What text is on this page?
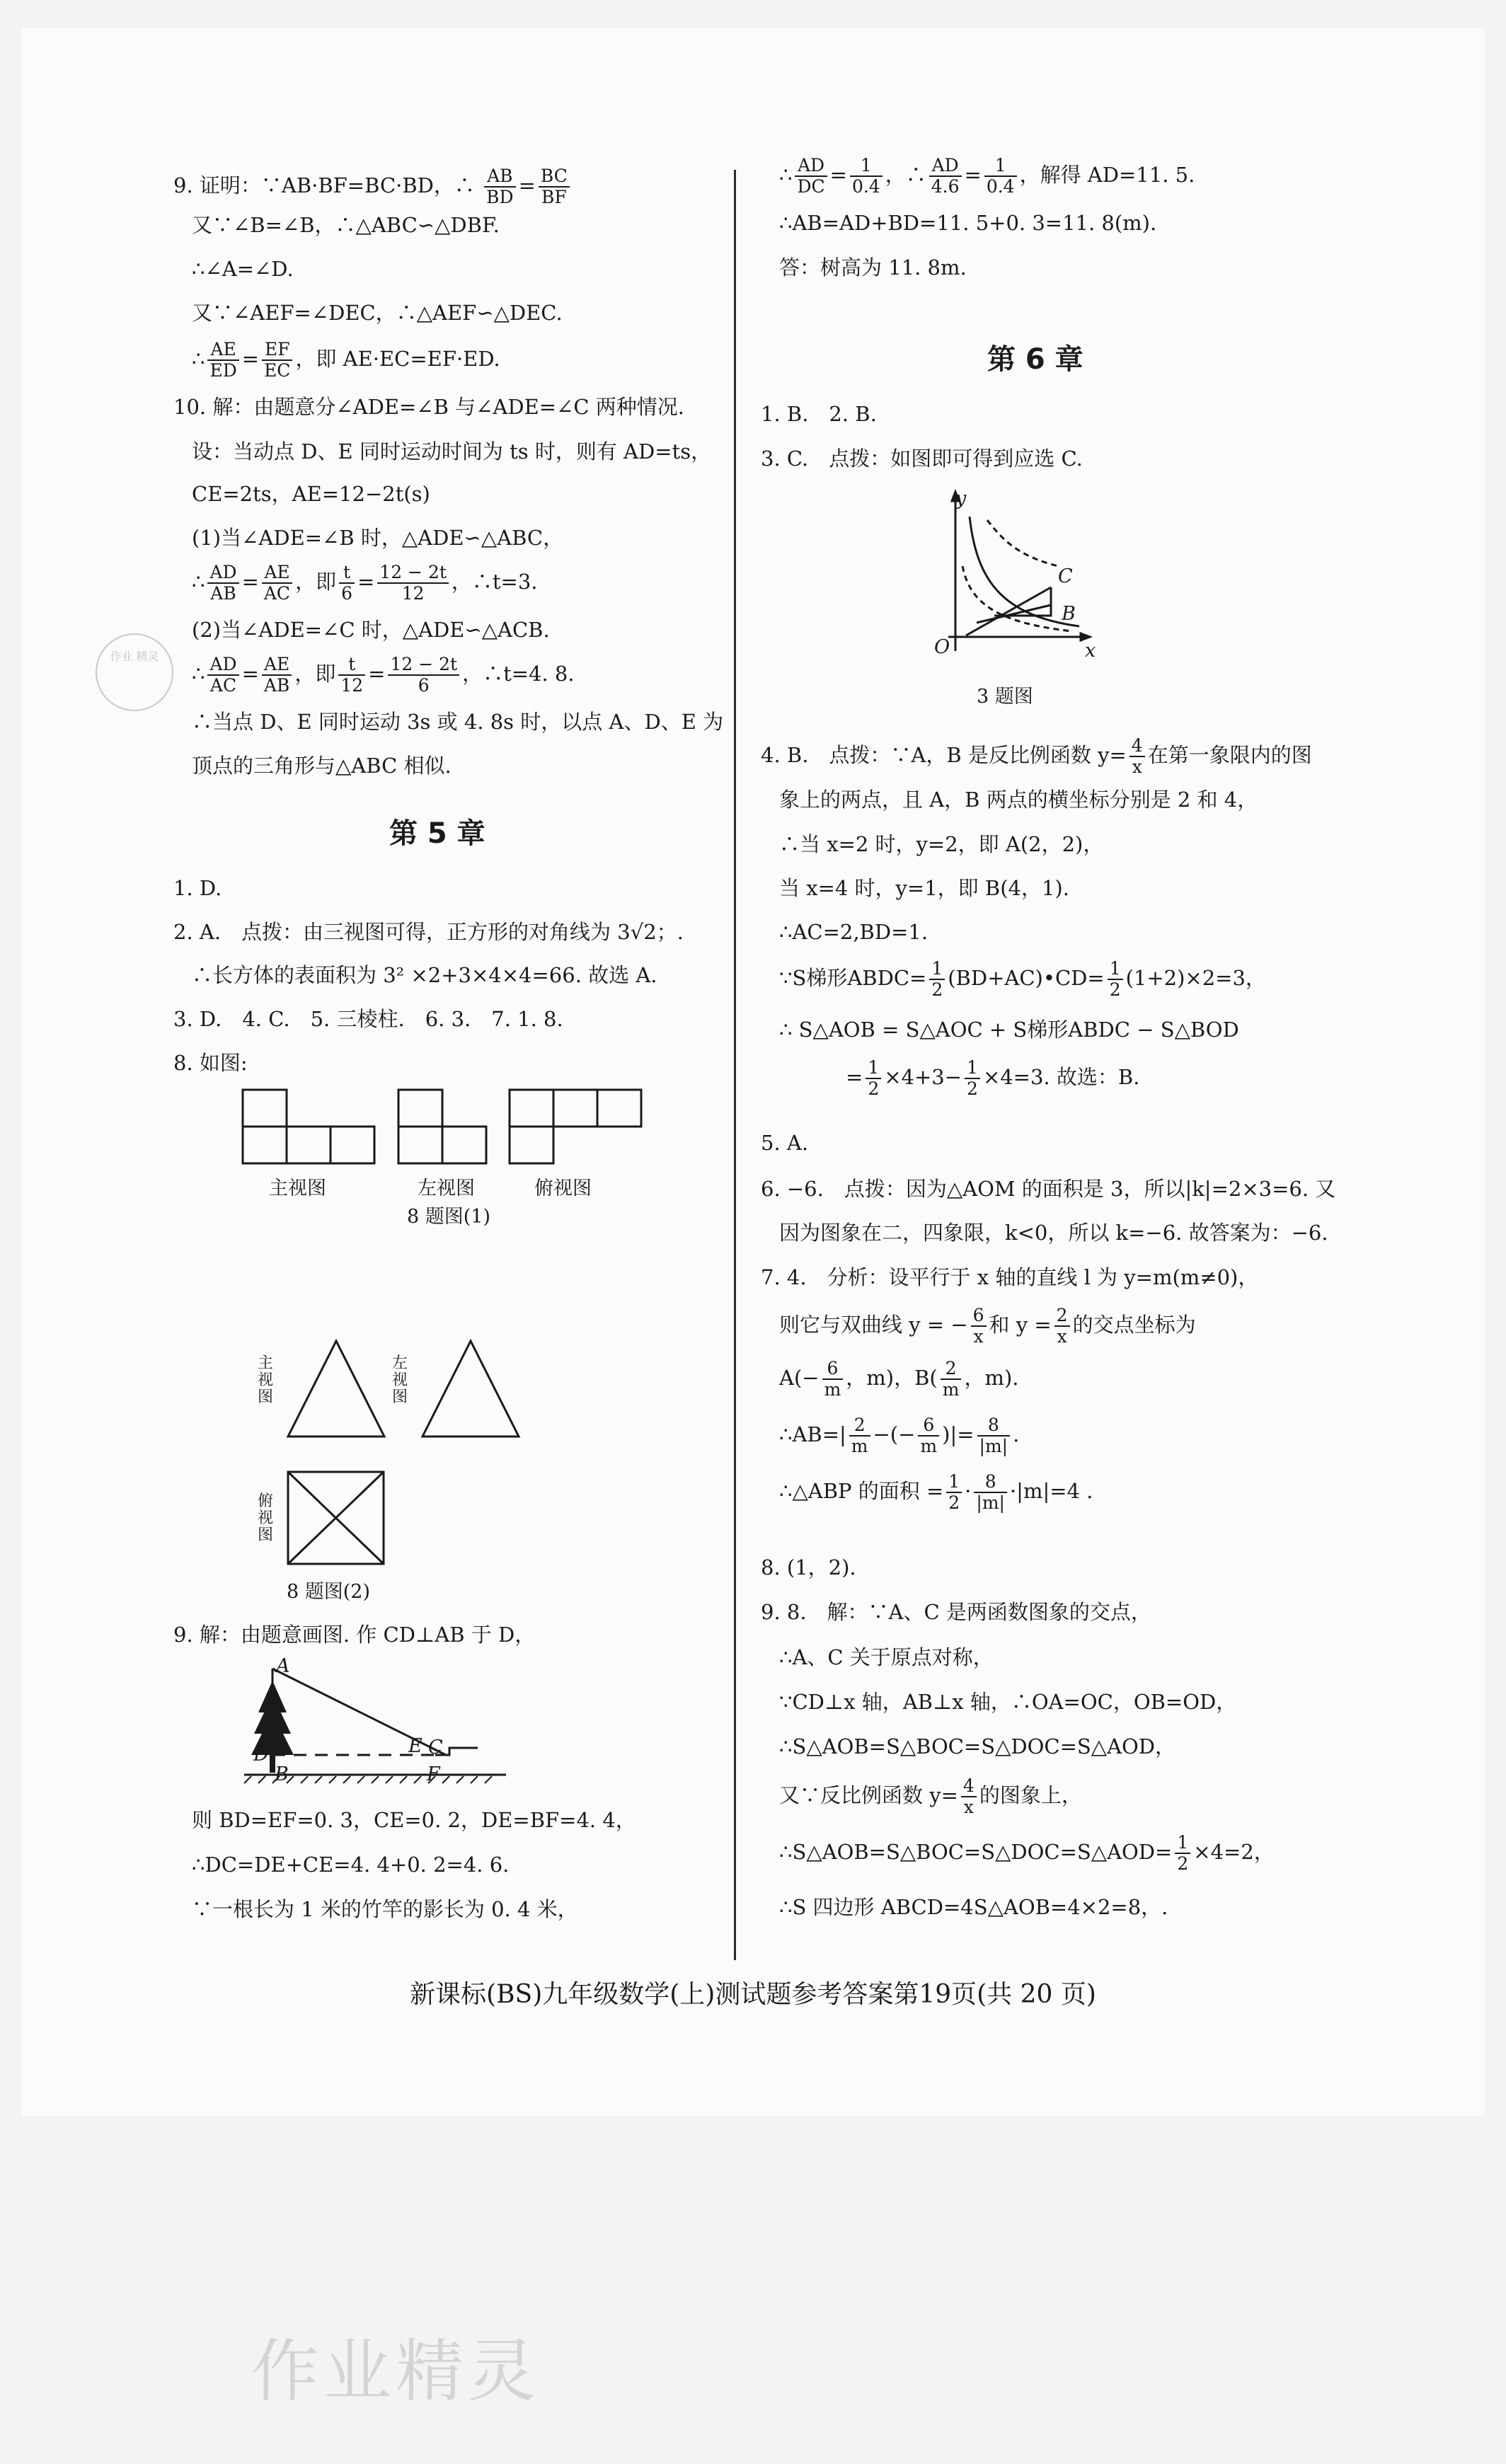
9. 证明：∵AB·BF=BC·BD，∴ $\frac{AB}{BD} = \frac{BC}{BF}$
又∵∠B=∠B，∴△ABC∽△DBF.
∴∠A=∠D.
又∵∠AEF=∠DEC，∴△AEF∽△DEC.
∴ $\frac{AE}{ED} = \frac{EF}{EC}$ ，即 AE·EC=EF·ED.
10. 解：由题意分∠ADE=∠B 与∠ADE=∠C 两种情况.
设：当动点 D、E 同时运动时间为 ts 时，则有 AD=ts，
CE=2ts，AE=12−2t(s)
(1)当∠ADE=∠B 时，△ADE∽△ABC，
∴ $\frac{AD}{AB} = \frac{AE}{AC}$ ，即 $\frac{t}{6} = \frac{12 - 2t}{12}$ ，∴t=3.
(2)当∠ADE=∠C 时，△ADE∽△ACB.
∴ $\frac{AD}{AC} = \frac{AE}{AB}$ ，即 $\frac{t}{12} = \frac{12 - 2t}{6}$ ，∴t=4. 8.
∴当点 D、E 同时运动 3s 或 4. 8s 时，以点 A、D、E 为
顶点的三角形与△ABC 相似.
第 5 章
1. D.
2. A.　点拨：由三视图可得，正方形的对角线为 3√2；.
∴长方体的表面积为 3² ×2+3×4×4=66. 故选 A.
3. D.　4. C.　5. 三棱柱.　6. 3.　7. 1. 8.
8. 如图:
主视图	左视图	俯视图
8 题图(1)
主视图
左视图
俯视图
8 题图(2)
9. 解：由题意画图. 作 CD⊥AB 于 D，
A
D
B
E C
F
则 BD=EF=0. 3，CE=0. 2，DE=BF=4. 4，
∴DC=DE+CE=4. 4+0. 2=4. 6.
∵一根长为 1 米的竹竿的影长为 0. 4 米，
∴ $\frac{AD}{DC} = \frac{1}{0.4}$ ，∴ $\frac{AD}{4.6} = \frac{1}{0.4}$ ，解得 AD=11. 5.
∴AB=AD+BD=11. 5+0. 3=11. 8(m).
答：树高为 11. 8m.
第 6 章
1. B.　2. B.
3. C.　点拨：如图即可得到应选 C.
y
x
O
C
B
3 题图
4. B.　点拨：∵A，B 是反比例函数 $y= \frac{4}{x}$ 在第一象限内的图
象上的两点，且 A，B 两点的横坐标分别是 2 和 4，
∴当 x=2 时，y=2，即 A(2，2)，
当 x=4 时，y=1，即 B(4，1).
∴AC=2,BD=1.
∵S梯形ABDC= $\frac{1}{2}$ (BD+AC)•CD= $\frac{1}{2} (1+2)\times 2=3$，
∴ S△AOB = S△AOC + S梯形ABDC − S△BOD
= $\frac{1}{2} \times 4+3- \frac{1}{2} \times 4=3$. 故选：B.
5. A.
6. −6.　点拨：因为△AOM 的面积是 3，所以|k|=2×3=6. 又
因为图象在二，四象限，k<0，所以 k=−6. 故答案为：−6.
7. 4.　分析：设平行于 x 轴的直线 l 为 y=m(m≠0)，
则它与双曲线 y = − $\frac{6}{x}$ 和 $y = \frac{2}{x}$ 的交点坐标为
$A(- \frac{6}{m}$ ，m)，$B( \frac{2}{m}$ ，m).
∴AB=| $\frac{2}{m}$ −(− $\frac{6}{m}$ )|= $\frac{8}{|m|}$ .
∴△ABP 的面积 = $\frac{1}{2} \cdot \frac{8}{|m|} \cdot|m|=4$ .
8. (1，2).
9. 8.　解：∵A、C 是两函数图象的交点，
∴A、C 关于原点对称，
∵CD⊥x 轴，AB⊥x 轴，∴OA=OC，OB=OD，
∴S△AOB=S△BOC=S△DOC=S△AOD，
又∵反比例函数 $y= \frac{4}{x}$ 的图象上，
∴S△AOB=S△BOC=S△DOC=S△AOD= $\frac{1}{2} \times 4=2$，
∴S 四边形 ABCD=4S△AOB=4×2=8，.
新课标(BS)九年级数学(上)测试题参考答案第19页(共 20 页)
作业 精灵
作业精灵
